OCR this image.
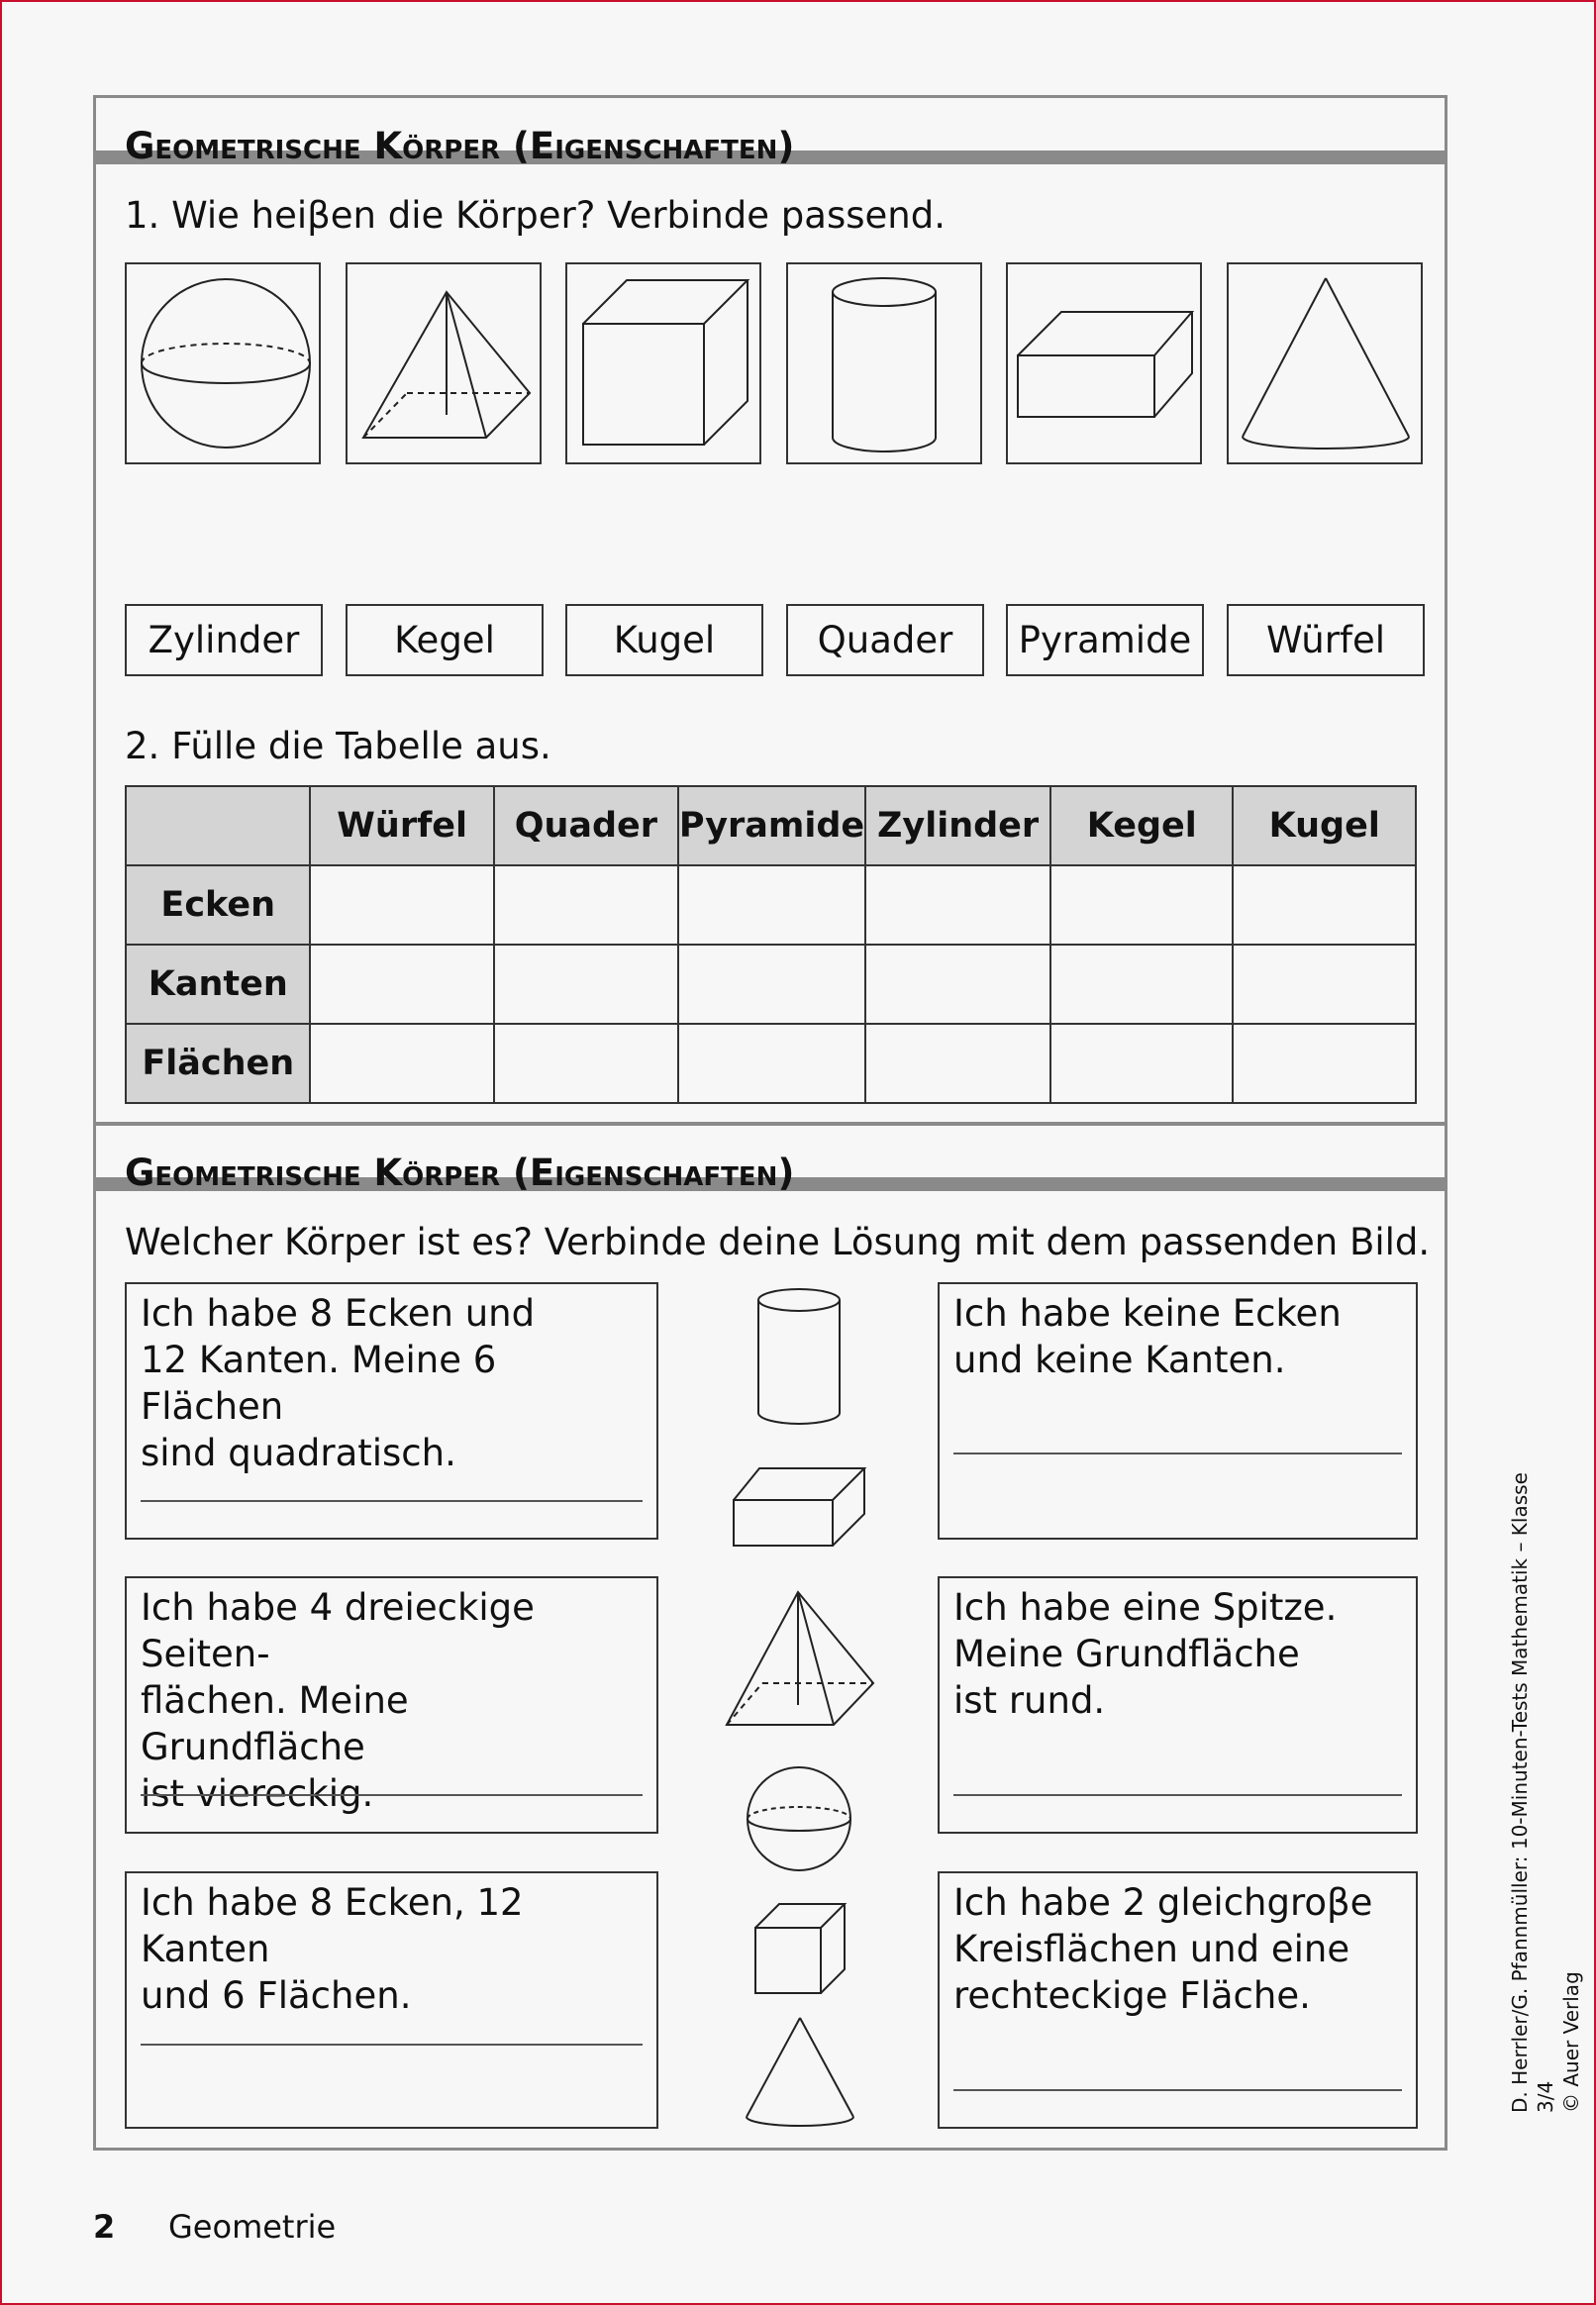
Geometrische Körper (Eigenschaften)
1. Wie heiβen die Körper? Verbinde passend.
Zylinder	Kegel	Kugel	Quader	Pyramide	Würfel
2. Fülle die Tabelle aus.
	Würfel	Quader	Pyramide	Zylinder	Kegel	Kugel
Ecken						
Kanten						
Flächen						
Geometrische Körper (Eigenschaften)
Welcher Körper ist es? Verbinde deine Lösung mit dem passenden Bild.
Ich habe 8 Ecken und
12 Kanten. Meine 6 Flächen
sind quadratisch.
Ich habe 4 dreieckige Seiten-
flächen. Meine Grundfläche
ist viereckig.
Ich habe 8 Ecken, 12 Kanten
und 6 Flächen.
Ich habe keine Ecken
und keine Kanten.
Ich habe eine Spitze.
Meine Grundfläche
ist rund.
Ich habe 2 gleichgroβe
Kreisflächen und eine
rechteckige Fläche.
2 Geometrie
D. Herrler/G. Pfannmüller: 10-Minuten-Tests Mathematik – Klasse 3/4 © Auer Verlag
